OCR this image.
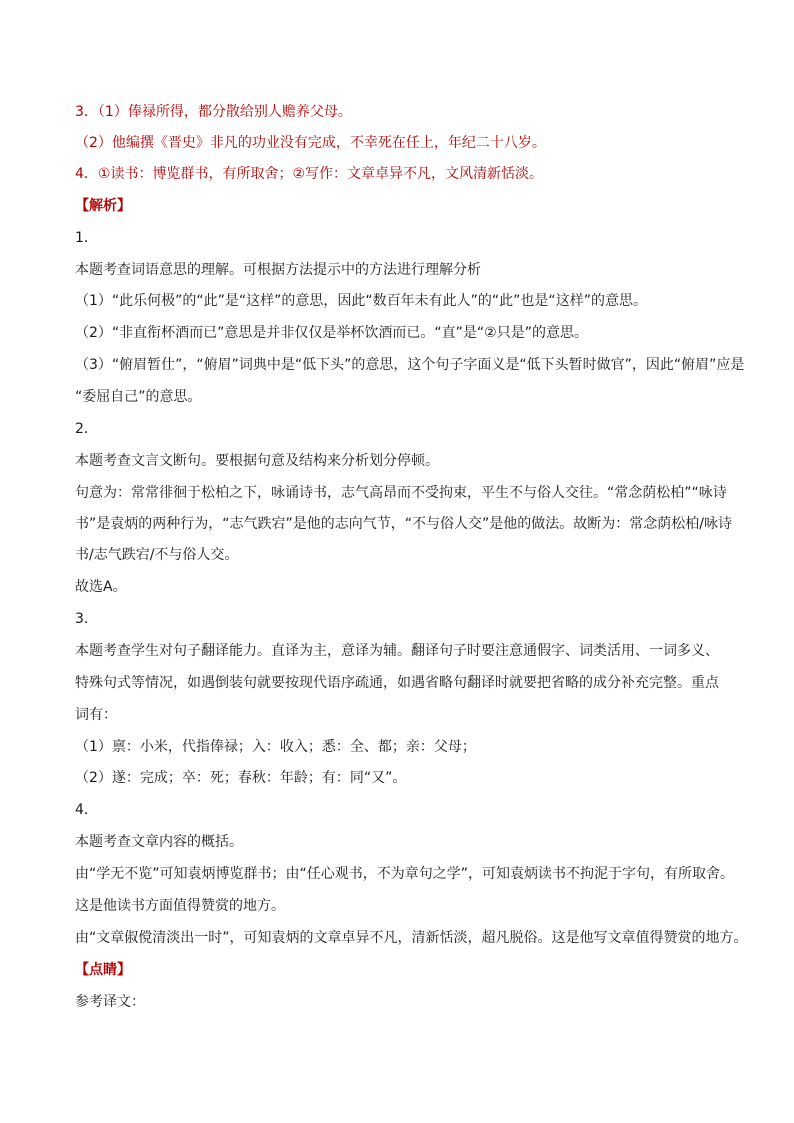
3．（1）俸禄所得，都分散给别人赡养父母。
（2）他编撰《晋史》非凡的功业没有完成，不幸死在任上，年纪二十八岁。
4．①读书：博览群书，有所取舍；②写作：文章卓异不凡，文风清新恬淡。
【解析】
1．
本题考查词语意思的理解。可根据方法提示中的方法进行理解分析
（1）“此乐何极”的“此”是“这样”的意思，因此“数百年未有此人”的“此”也是“这样”的意思。
（2）“非直衔杯酒而已”意思是并非仅仅是举杯饮酒而已。“直”是“②只是”的意思。
（3）“俯眉暂仕”，“俯眉”词典中是“低下头”的意思，这个句子字面义是“低下头暂时做官”，因此“俯眉”应是
“委屈自己”的意思。
2．
本题考查文言文断句。要根据句意及结构来分析划分停顿。
句意为：常常徘徊于松柏之下，咏诵诗书，志气高昂而不受拘束，平生不与俗人交往。“常念荫松柏”“咏诗
书”是袁炳的两种行为，“志气跌宕”是他的志向气节，“不与俗人交”是他的做法。故断为：常念荫松柏/咏诗
书/志气跌宕/不与俗人交。
故选A。
3．
本题考查学生对句子翻译能力。直译为主，意译为辅。翻译句子时要注意通假字、词类活用、一词多义、
特殊句式等情况，如遇倒装句就要按现代语序疏通，如遇省略句翻译时就要把省略的成分补充完整。重点
词有：
（1）禀：小米，代指俸禄；入：收入；悉：全、都；亲：父母；
（2）遂：完成；卒：死；春秋：年龄；有：同“又”。
4．
本题考查文章内容的概括。
由“学无不览”可知袁炳博览群书；由“任心观书，不为章句之学”，可知袁炳读书不拘泥于字句，有所取舍。
这是他读书方面值得赞赏的地方。
由“文章俶傥清淡出一时”，可知袁炳的文章卓异不凡，清新恬淡，超凡脱俗。这是他写文章值得赞赏的地方。
【点睛】
参考译文：
